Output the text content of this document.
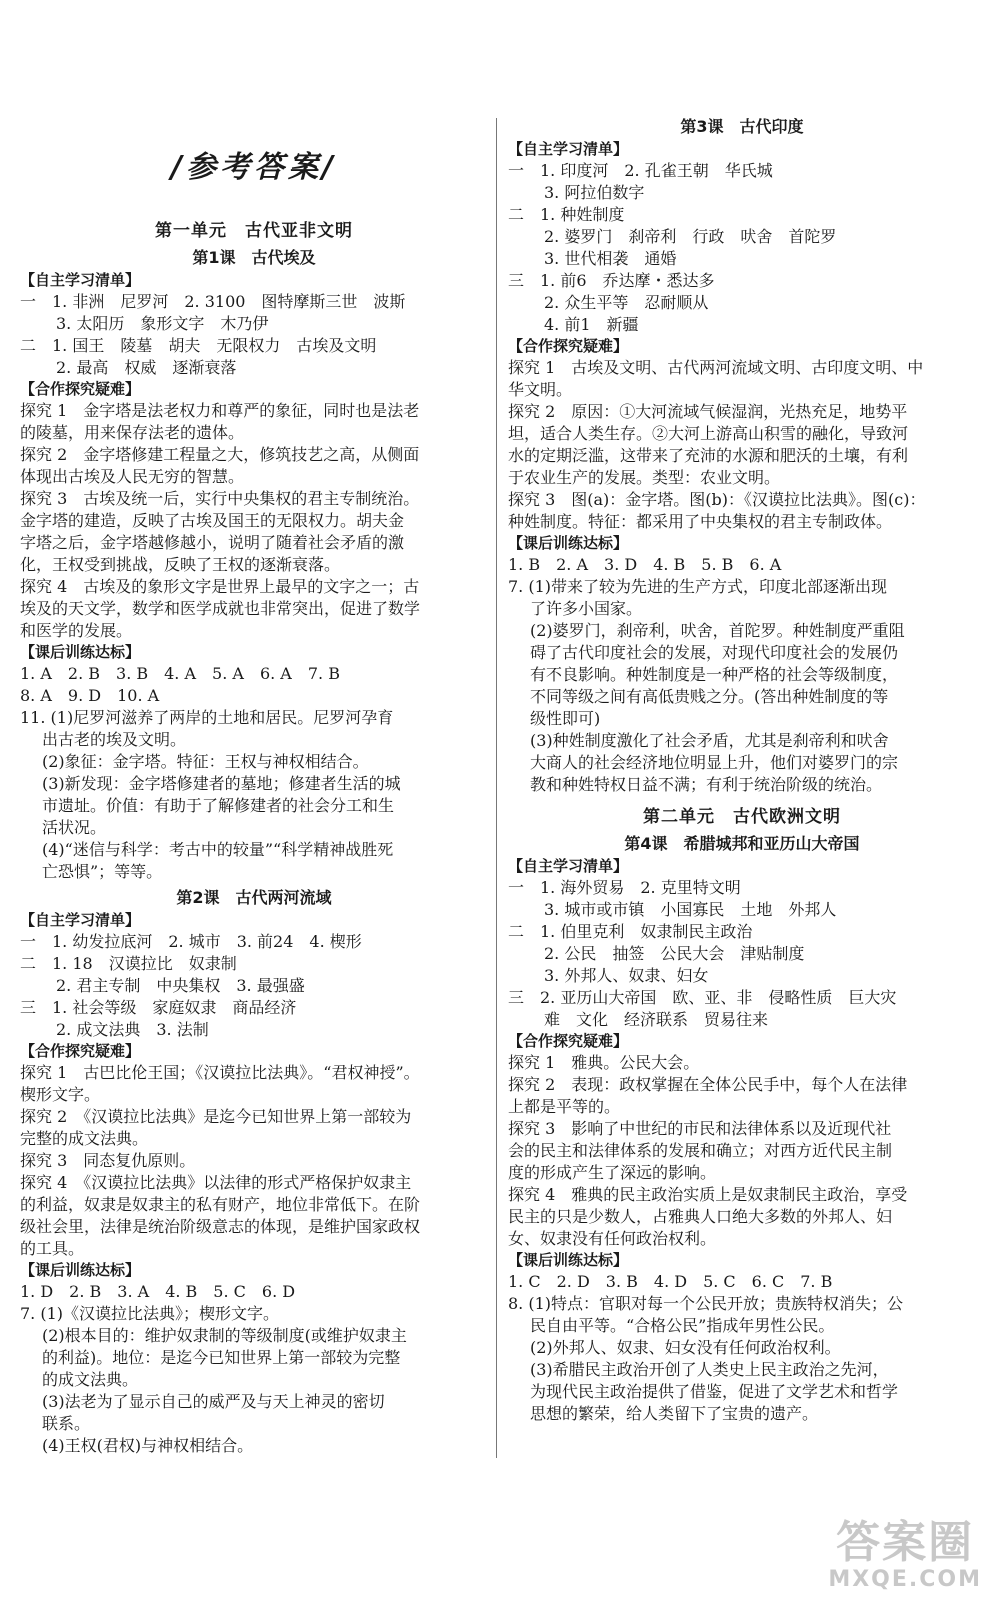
/参考答案/
第一单元　古代亚非文明
第1课　古代埃及
【自主学习清单】
一　1. 非洲　尼罗河　2. 3100　图特摩斯三世　波斯
3. 太阳历　象形文字　木乃伊
二　1. 国王　陵墓　胡夫　无限权力　古埃及文明
2. 最高　权威　逐渐衰落
【合作探究疑难】
探究 1　金字塔是法老权力和尊严的象征，同时也是法老
的陵墓，用来保存法老的遗体。
探究 2　金字塔修建工程量之大，修筑技艺之高，从侧面
体现出古埃及人民无穷的智慧。
探究 3　古埃及统一后，实行中央集权的君主专制统治。
金字塔的建造，反映了古埃及国王的无限权力。胡夫金
字塔之后，金字塔越修越小，说明了随着社会矛盾的激
化，王权受到挑战，反映了王权的逐渐衰落。
探究 4　古埃及的象形文字是世界上最早的文字之一；古
埃及的天文学，数学和医学成就也非常突出，促进了数学
和医学的发展。
【课后训练达标】
1. A　2. B　3. B　4. A　5. A　6. A　7. B
8. A　9. D　10. A
11. (1)尼罗河滋养了两岸的土地和居民。尼罗河孕育
出古老的埃及文明。
(2)象征：金字塔。特征：王权与神权相结合。
(3)新发现：金字塔修建者的墓地；修建者生活的城
市遗址。价值：有助于了解修建者的社会分工和生
活状况。
(4)“迷信与科学：考古中的较量”“科学精神战胜死
亡恐惧”；等等。
第2课　古代两河流域
【自主学习清单】
一　1. 幼发拉底河　2. 城市　3. 前24　4. 楔形
二　1. 18　汉谟拉比　奴隶制
2. 君主专制　中央集权　3. 最强盛
三　1. 社会等级　家庭奴隶　商品经济
2. 成文法典　3. 法制
【合作探究疑难】
探究 1　古巴比伦王国；《汉谟拉比法典》。“君权神授”。
楔形文字。
探究 2　《汉谟拉比法典》是迄今已知世界上第一部较为
完整的成文法典。
探究 3　同态复仇原则。
探究 4　《汉谟拉比法典》以法律的形式严格保护奴隶主
的利益，奴隶是奴隶主的私有财产，地位非常低下。在阶
级社会里，法律是统治阶级意志的体现，是维护国家政权
的工具。
【课后训练达标】
1. D　2. B　3. A　4. B　5. C　6. D
7. (1)《汉谟拉比法典》；楔形文字。
(2)根本目的：维护奴隶制的等级制度(或维护奴隶主
的利益)。地位：是迄今已知世界上第一部较为完整
的成文法典。
(3)法老为了显示自己的威严及与天上神灵的密切
联系。
(4)王权(君权)与神权相结合。
第3课　古代印度
【自主学习清单】
一　1. 印度河　2. 孔雀王朝　华氏城
3. 阿拉伯数字
二　1. 种姓制度
2. 婆罗门　刹帝利　行政　吠舍　首陀罗
3. 世代相袭　通婚
三　1. 前6　乔达摩・悉达多
2. 众生平等　忍耐顺从
4. 前1　新疆
【合作探究疑难】
探究 1　古埃及文明、古代两河流域文明、古印度文明、中
华文明。
探究 2　原因：①大河流域气候湿润，光热充足，地势平
坦，适合人类生存。②大河上游高山积雪的融化，导致河
水的定期泛滥，这带来了充沛的水源和肥沃的土壤，有利
于农业生产的发展。类型：农业文明。
探究 3　图(a)：金字塔。图(b)：《汉谟拉比法典》。图(c)：
种姓制度。特征：都采用了中央集权的君主专制政体。
【课后训练达标】
1. B　2. A　3. D　4. B　5. B　6. A
7. (1)带来了较为先进的生产方式，印度北部逐渐出现
了许多小国家。
(2)婆罗门，刹帝利，吠舍，首陀罗。种姓制度严重阻
碍了古代印度社会的发展，对现代印度社会的发展仍
有不良影响。种姓制度是一种严格的社会等级制度，
不同等级之间有高低贵贱之分。(答出种姓制度的等
级性即可)
(3)种姓制度激化了社会矛盾，尤其是刹帝利和吠舍
大商人的社会经济地位明显上升，他们对婆罗门的宗
教和种姓特权日益不满；有利于统治阶级的统治。
第二单元　古代欧洲文明
第4课　希腊城邦和亚历山大帝国
【自主学习清单】
一　1. 海外贸易　2. 克里特文明
3. 城市或市镇　小国寡民　土地　外邦人
二　1. 伯里克利　奴隶制民主政治
2. 公民　抽签　公民大会　津贴制度
3. 外邦人、奴隶、妇女
三　2. 亚历山大帝国　欧、亚、非　侵略性质　巨大灾
难　文化　经济联系　贸易往来
【合作探究疑难】
探究 1　雅典。公民大会。
探究 2　表现：政权掌握在全体公民手中，每个人在法律
上都是平等的。
探究 3　影响了中世纪的市民和法律体系以及近现代社
会的民主和法律体系的发展和确立；对西方近代民主制
度的形成产生了深远的影响。
探究 4　雅典的民主政治实质上是奴隶制民主政治，享受
民主的只是少数人，占雅典人口绝大多数的外邦人、妇
女、奴隶没有任何政治权利。
【课后训练达标】
1. C　2. D　3. B　4. D　5. C　6. C　7. B
8. (1)特点：官职对每一个公民开放；贵族特权消失；公
民自由平等。“合格公民”指成年男性公民。
(2)外邦人、奴隶、妇女没有任何政治权利。
(3)希腊民主政治开创了人类史上民主政治之先河，
为现代民主政治提供了借鉴，促进了文学艺术和哲学
思想的繁荣，给人类留下了宝贵的遗产。
答案圈
MXQE.COM
